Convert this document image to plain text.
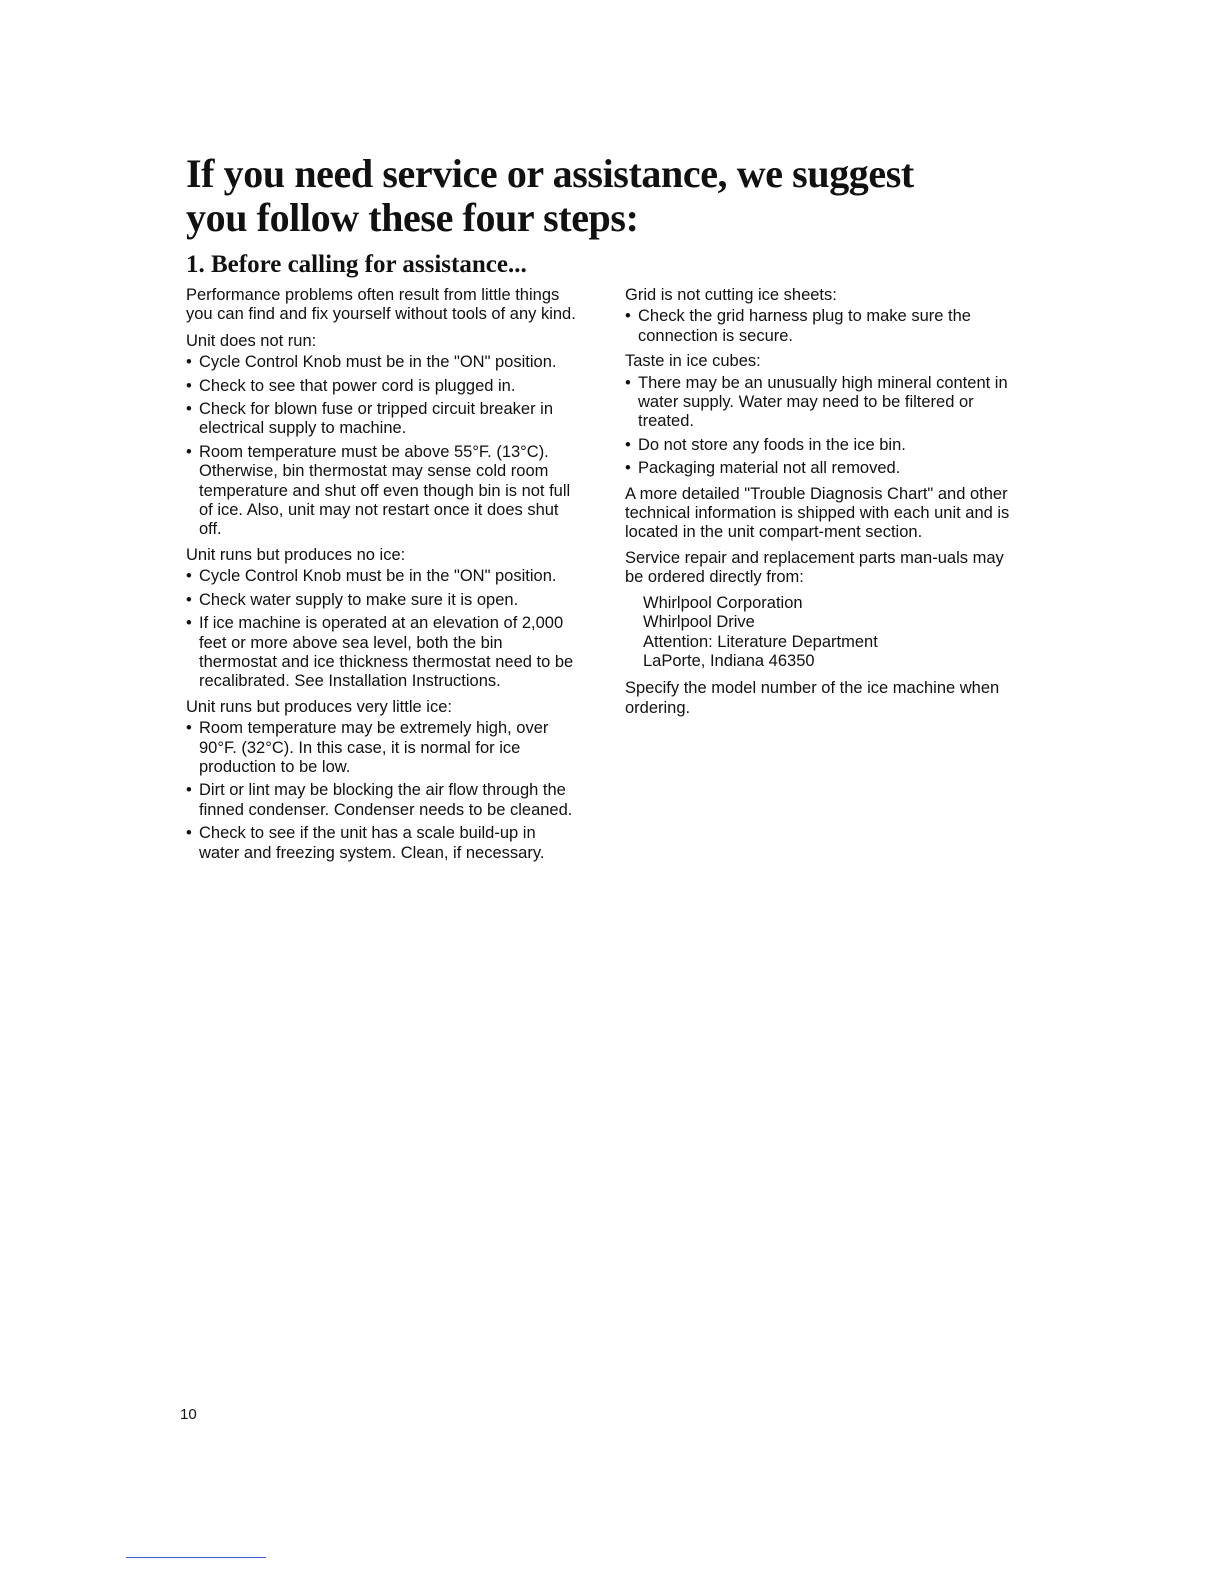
If you need service or assistance, we suggest
you follow these four steps:
1. Before calling for assistance...

Performance problems often result from little things you can find and fix yourself without tools of any kind.

Unit does not run:

• Cycle Control Knob must be in the "ON" position.
• Check to see that power cord is plugged in.
• Check for blown fuse or tripped circuit breaker in electrical supply to machine.
• Room temperature must be above 55°F. (13°C). Otherwise, bin thermostat may sense cold room temperature and shut off even though bin is not full of ice. Also, unit may not restart once it does shut off.

Unit runs but produces no ice:

• Cycle Control Knob must be in the "ON" position.
• Check water supply to make sure it is open.
• If ice machine is operated at an elevation of 2,000 feet or more above sea level, both the bin thermostat and ice thickness thermostat need to be recalibrated. See Installation Instructions.

Unit runs but produces very little ice:

• Room temperature may be extremely high, over 90°F. (32°C). In this case, it is normal for ice production to be low.
• Dirt or lint may be blocking the air flow through the finned condenser. Condenser needs to be cleaned.
• Check to see if the unit has a scale build-up in water and freezing system. Clean, if necessary.

Grid is not cutting ice sheets:

• Check the grid harness plug to make sure the connection is secure.

Taste in ice cubes:

• There may be an unusually high mineral content in water supply. Water may need to be filtered or treated.
• Do not store any foods in the ice bin.
• Packaging material not all removed.

A more detailed "Trouble Diagnosis Chart" and other technical information is shipped with each unit and is located in the unit compart-ment section.

Service repair and replacement parts man-uals may be ordered directly from:

Whirlpool Corporation
Whirlpool Drive
Attention: Literature Department
LaPorte, Indiana 46350

Specify the model number of the ice machine when ordering.

10
